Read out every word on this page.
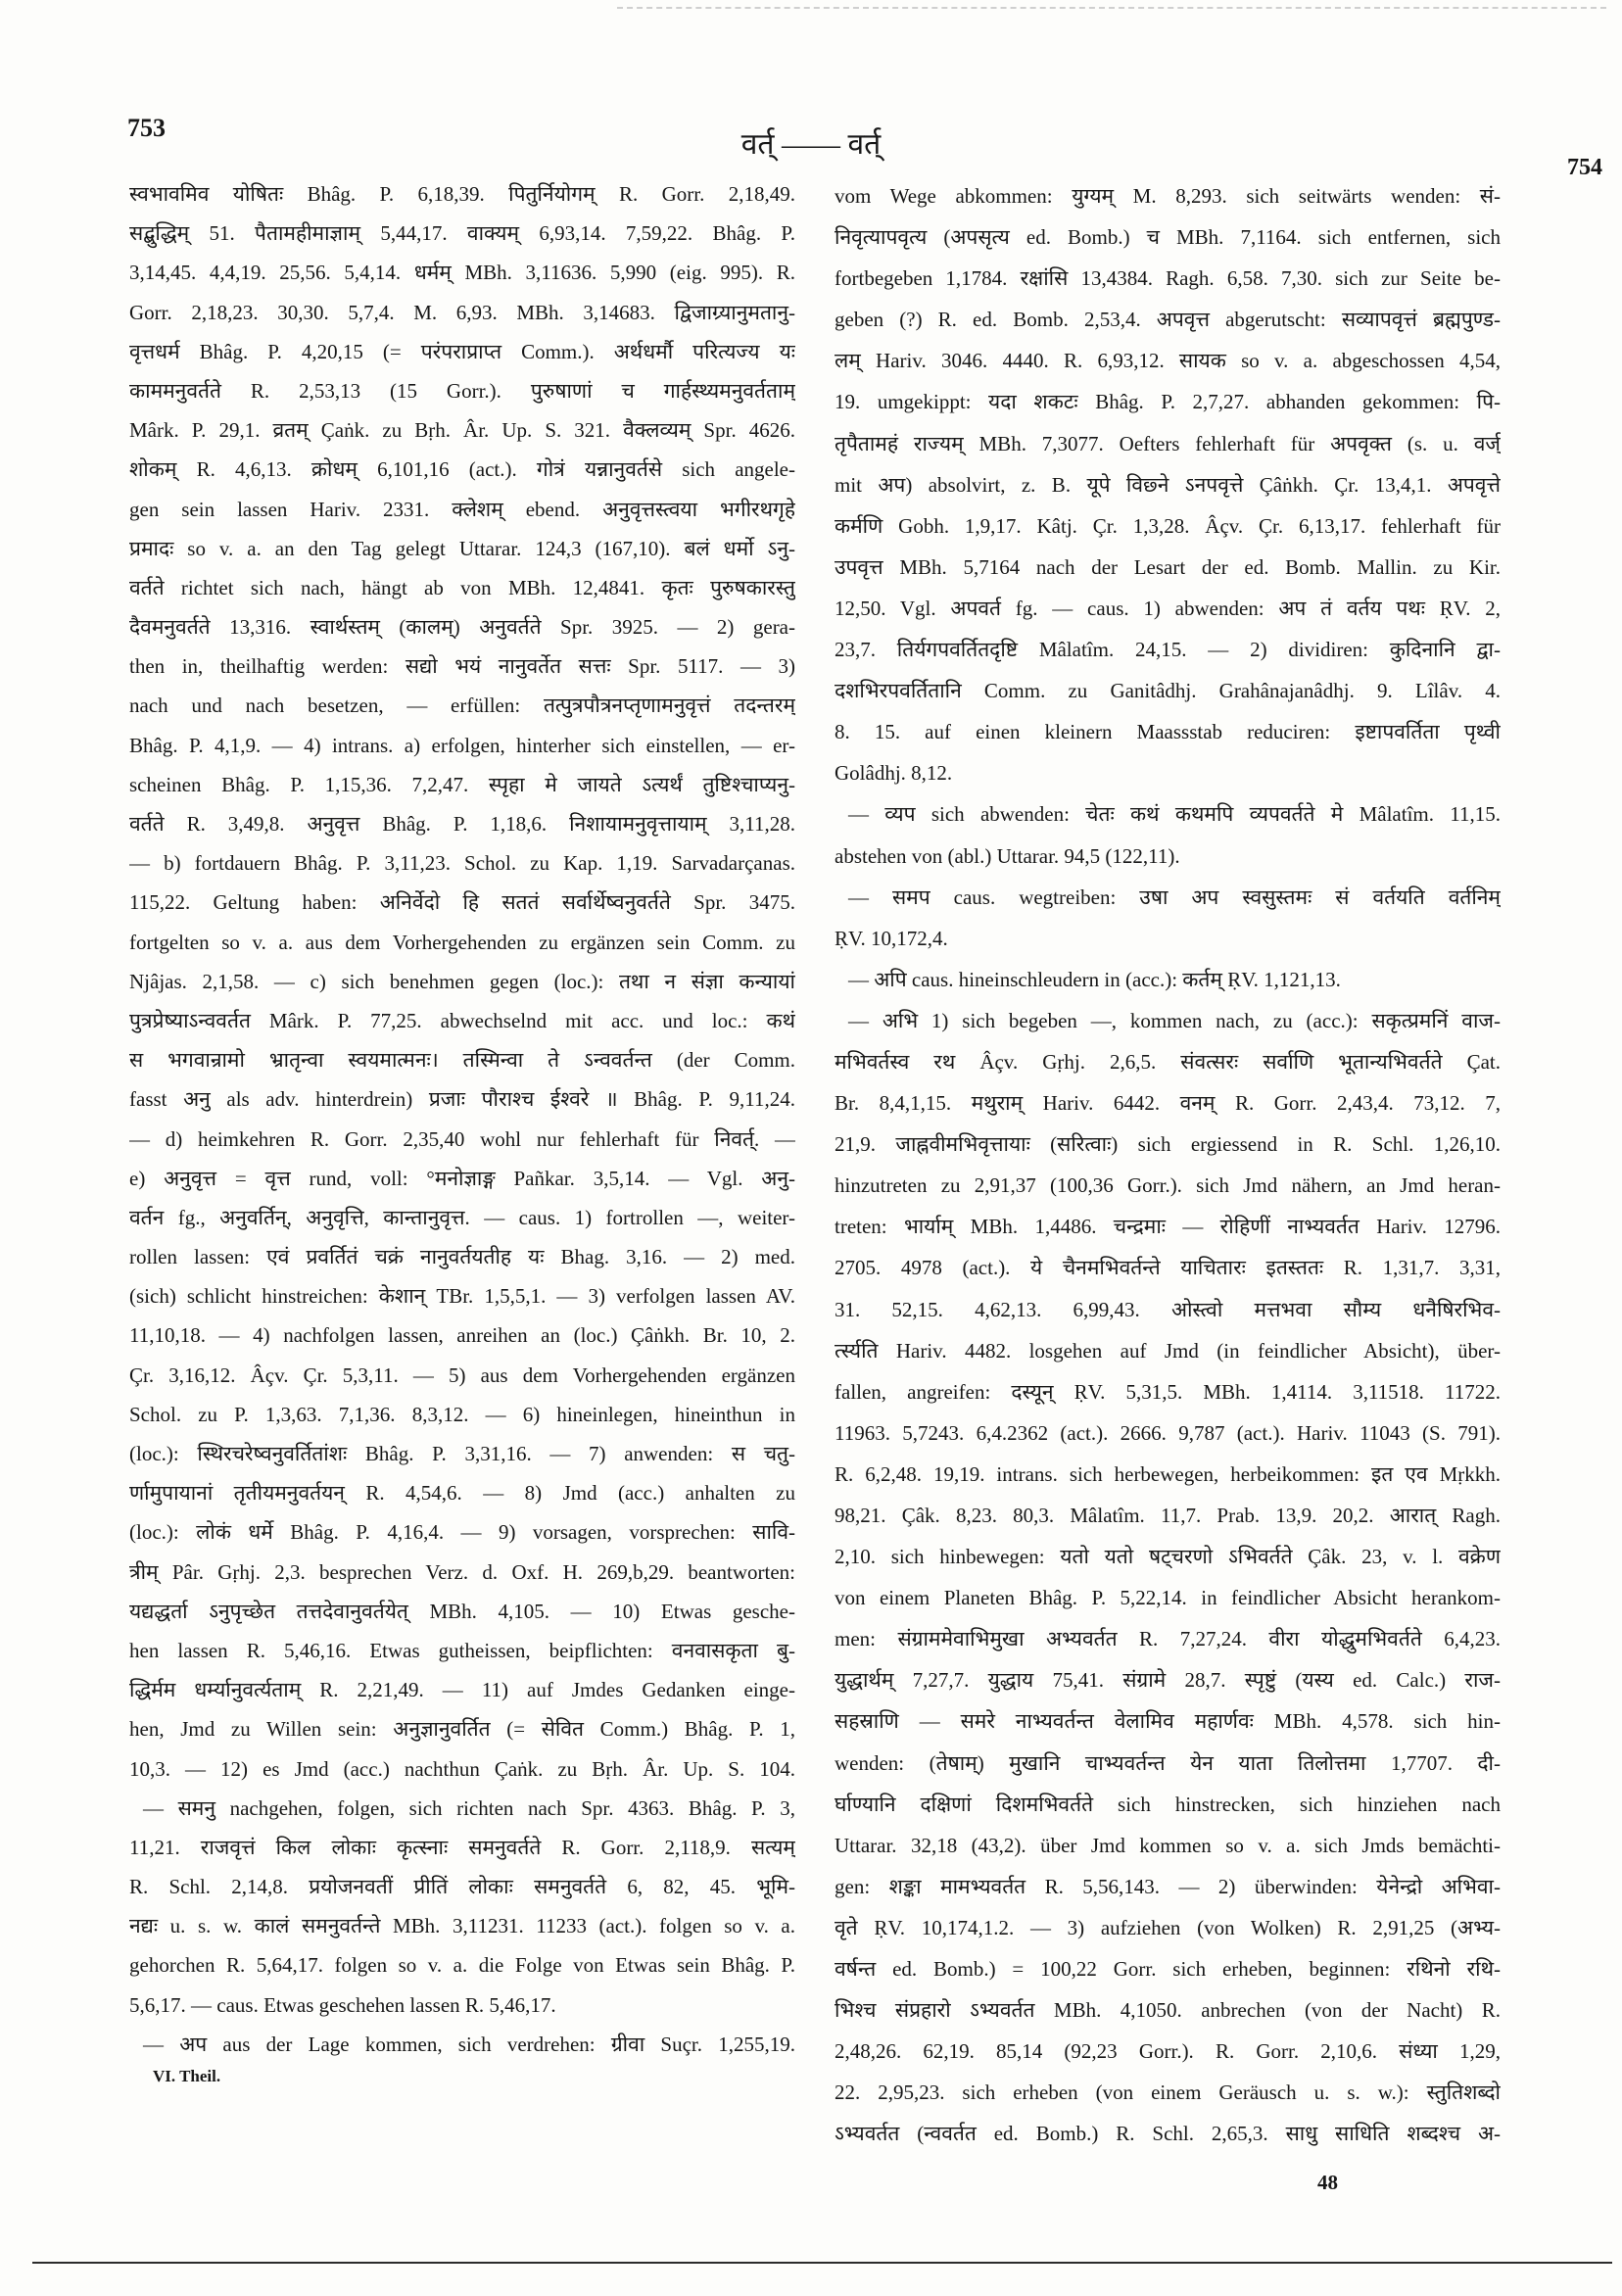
753
वर्त् —— वर्त्
754
स्वभावमिव योषितः Bhâg. P. 6,18,39. पितुर्नियोगम् R. Gorr. 2,18,49.
सद्बुद्धिम् 51. पैतामहीमाज्ञाम् 5,44,17. वाक्यम् 6,93,14. 7,59,22. Bhâg. P.
3,14,45. 4,4,19. 25,56. 5,4,14. धर्मम् MBh. 3,11636. 5,990 (eig. 995). R.
Gorr. 2,18,23. 30,30. 5,7,4. M. 6,93. MBh. 3,14683. द्विजाग्र्यानुमतानु-
वृत्तधर्म Bhâg. P. 4,20,15 (= परंपराप्राप्त Comm.). अर्थधर्मौ परित्यज्य यः
काममनुवर्तते R. 2,53,13 (15 Gorr.). पुरुषाणां च गार्हस्थ्यमनुवर्तताम्
Mârk. P. 29,1. व्रतम् Çaṅk. zu Bṛh. Âr. Up. S. 321. वैक्लव्यम् Spr. 4626.
शोकम् R. 4,6,13. क्रोधम् 6,101,16 (act.). गोत्रं यन्नानुवर्तसे sich angele-
gen sein lassen Hariv. 2331. क्लेशम् ebend. अनुवृत्तस्त्वया भगीरथगृहे
प्रमादः so v. a. an den Tag gelegt Uttarar. 124,3 (167,10). बलं धर्मो ऽनु-
वर्तते richtet sich nach, hängt ab von MBh. 12,4841. कृतः पुरुषकारस्तु
दैवमनुवर्तते 13,316. स्वार्थस्तम् (कालम्) अनुवर्तते Spr. 3925. — 2) gera-
then in, theilhaftig werden: सद्यो भयं नानुवर्तेत सत्तः Spr. 5117. — 3)
nach und nach besetzen, — erfüllen: तत्पुत्रपौत्रनप्तृणामनुवृत्तं तदन्तरम्
Bhâg. P. 4,1,9. — 4) intrans. a) erfolgen, hinterher sich einstellen, — er-
scheinen Bhâg. P. 1,15,36. 7,2,47. स्पृहा मे जायते ऽत्यर्थं तुष्टिश्चाप्यनु-
वर्तते R. 3,49,8. अनुवृत्त Bhâg. P. 1,18,6. निशायामनुवृत्तायाम् 3,11,28.
— b) fortdauern Bhâg. P. 3,11,23. Schol. zu Kap. 1,19. Sarvadarçanas.
115,22. Geltung haben: अनिर्वेदो हि सततं सर्वार्थेष्वनुवर्तते Spr. 3475.
fortgelten so v. a. aus dem Vorhergehenden zu ergänzen sein Comm. zu
Njâjas. 2,1,58. — c) sich benehmen gegen (loc.): तथा न संज्ञा कन्यायां
पुत्रप्रेष्याऽन्ववर्तत Mârk. P. 77,25. abwechselnd mit acc. und loc.: कथं
स भगवान्रामो भ्रातृन्वा स्वयमात्मनः। तस्मिन्वा ते ऽन्ववर्तन्त (der Comm.
fasst अनु als adv. hinterdrein) प्रजाः पौराश्च ईश्वरे ॥ Bhâg. P. 9,11,24.
— d) heimkehren R. Gorr. 2,35,40 wohl nur fehlerhaft für निवर्त्. —
e) अनुवृत्त = वृत्त rund, voll: °मनोज्ञाङ्ग Pañkar. 3,5,14. — Vgl. अनु-
वर्तन fg., अनुवर्तिन्, अनुवृत्ति, कान्तानुवृत्त. — caus. 1) fortrollen —, weiter-
rollen lassen: एवं प्रवर्तितं चक्रं नानुवर्तयतीह यः Bhag. 3,16. — 2) med.
(sich) schlicht hinstreichen: केशान् TBr. 1,5,5,1. — 3) verfolgen lassen AV.
11,10,18. — 4) nachfolgen lassen, anreihen an (loc.) Çâṅkh. Br. 10, 2.
Çr. 3,16,12. Âçv. Çr. 5,3,11. — 5) aus dem Vorhergehenden ergänzen
Schol. zu P. 1,3,63. 7,1,36. 8,3,12. — 6) hineinlegen, hineinthun in
(loc.): स्थिरचरेष्वनुवर्तितांशः Bhâg. P. 3,31,16. — 7) anwenden: स चतु-
र्णामुपायानां तृतीयमनुवर्तयन् R. 4,54,6. — 8) Jmd (acc.) anhalten zu
(loc.): लोकं धर्मे Bhâg. P. 4,16,4. — 9) vorsagen, vorsprechen: सावि-
त्रीम् Pâr. Gṛhj. 2,3. besprechen Verz. d. Oxf. H. 269,b,29. beantworten:
यद्यद्धर्ता ऽनुपृच्छेत तत्तदेवानुवर्तयेत् MBh. 4,105. — 10) Etwas gesche-
hen lassen R. 5,46,16. Etwas gutheissen, beipflichten: वनवासकृता बु-
द्धिर्मम धर्म्यानुवर्त्यताम् R. 2,21,49. — 11) auf Jmdes Gedanken einge-
hen, Jmd zu Willen sein: अनुज्ञानुवर्तित (= सेवित Comm.) Bhâg. P. 1,
10,3. — 12) es Jmd (acc.) nachthun Çaṅk. zu Bṛh. Âr. Up. S. 104.
— समनु nachgehen, folgen, sich richten nach Spr. 4363. Bhâg. P. 3,
11,21. राजवृत्तं किल लोकाः कृत्स्नाः समनुवर्तते R. Gorr. 2,118,9. सत्यम्
R. Schl. 2,14,8. प्रयोजनवतीं प्रीतिं लोकाः समनुवर्तते 6, 82, 45. भूमि-
नद्यः u. s. w. कालं समनुवर्तन्ते MBh. 3,11231. 11233 (act.). folgen so v. a.
gehorchen R. 5,64,17. folgen so v. a. die Folge von Etwas sein Bhâg. P.
5,6,17. — caus. Etwas geschehen lassen R. 5,46,17.
— अप aus der Lage kommen, sich verdrehen: ग्रीवा Suçr. 1,255,19.
vom Wege abkommen: युग्यम् M. 8,293. sich seitwärts wenden: सं-
निवृत्यापवृत्य (अपसृत्य ed. Bomb.) च MBh. 7,1164. sich entfernen, sich
fortbegeben 1,1784. रक्षांसि 13,4384. Ragh. 6,58. 7,30. sich zur Seite be-
geben (?) R. ed. Bomb. 2,53,4. अपवृत्त abgerutscht: सव्यापवृत्तं ब्रह्मपुण्ड-
लम् Hariv. 3046. 4440. R. 6,93,12. सायक so v. a. abgeschossen 4,54,
19. umgekippt: यदा शकटः Bhâg. P. 2,7,27. abhanden gekommen: पि-
तृपैतामहं राज्यम् MBh. 7,3077. Oefters fehlerhaft für अपवृक्त (s. u. वर्ज्
mit अप) absolvirt, z. B. यूपे विछ्ने ऽनपवृत्ते Çâṅkh. Çr. 13,4,1. अपवृत्ते
कर्मणि Gobh. 1,9,17. Kâtj. Çr. 1,3,28. Âçv. Çr. 6,13,17. fehlerhaft für
उपवृत्त MBh. 5,7164 nach der Lesart der ed. Bomb. Mallin. zu Kir.
12,50. Vgl. अपवर्त fg. — caus. 1) abwenden: अप तं वर्तय पथः ṚV. 2,
23,7. तिर्यगपवर्तितदृष्टि Mâlatîm. 24,15. — 2) dividiren: कुदिनानि द्वा-
दशभिरपवर्तितानि Comm. zu Ganitâdhj. Grahânajanâdhj. 9. Lîlâv. 4.
8. 15. auf einen kleinern Maassstab reduciren: इष्टापवर्तिता पृथ्वी
Golâdhj. 8,12.
— व्यप sich abwenden: चेतः कथं कथमपि व्यपवर्तते मे Mâlatîm. 11,15.
abstehen von (abl.) Uttarar. 94,5 (122,11).
— समप caus. wegtreiben: उषा अप स्वसुस्तमः सं वर्तयति वर्तनिम्
ṚV. 10,172,4.
— अपि caus. hineinschleudern in (acc.): कर्तम् ṚV. 1,121,13.
— अभि 1) sich begeben —, kommen nach, zu (acc.): सकृत्प्रमनिं वाज-
मभिवर्तस्व रथ Âçv. Gṛhj. 2,6,5. संवत्सरः सर्वाणि भूतान्यभिवर्तते Çat.
Br. 8,4,1,15. मथुराम् Hariv. 6442. वनम् R. Gorr. 2,43,4. 73,12. 7,
21,9. जाह्नवीमभिवृत्तायाः (सरित्वाः) sich ergiessend in R. Schl. 1,26,10.
hinzutreten zu 2,91,37 (100,36 Gorr.). sich Jmd nähern, an Jmd heran-
treten: भार्याम् MBh. 1,4486. चन्द्रमाः — रोहिणीं नाभ्यवर्तत Hariv. 12796.
2705. 4978 (act.). ये चैनमभिवर्तन्ते याचितारः इतस्ततः R. 1,31,7. 3,31,
31. 52,15. 4,62,13. 6,99,43. ओस्त्वो मत्तभवा सौम्य धनैषिरभिव-
र्त्स्यति Hariv. 4482. losgehen auf Jmd (in feindlicher Absicht), über-
fallen, angreifen: दस्यून् ṚV. 5,31,5. MBh. 1,4114. 3,11518. 11722.
11963. 5,7243. 6,4.2362 (act.). 2666. 9,787 (act.). Hariv. 11043 (S. 791).
R. 6,2,48. 19,19. intrans. sich herbewegen, herbeikommen: इत एव Mṛkkh.
98,21. Çâk. 8,23. 80,3. Mâlatîm. 11,7. Prab. 13,9. 20,2. आरात् Ragh.
2,10. sich hinbewegen: यतो यतो षट्चरणो ऽभिवर्तते Çâk. 23, v. l. वक्रेण
von einem Planeten Bhâg. P. 5,22,14. in feindlicher Absicht herankom-
men: संग्राममेवाभिमुखा अभ्यवर्तत R. 7,27,24. वीरा योद्धुमभिवर्तते 6,4,23.
युद्धार्थम् 7,27,7. युद्धाय 75,41. संग्रामे 28,7. स्पृष्टुं (यस्य ed. Calc.) राज-
सहस्राणि — समरे नाभ्यवर्तन्त वेलामिव महार्णवः MBh. 4,578. sich hin-
wenden: (तेषाम्) मुखानि चाभ्यवर्तन्त येन याता तिलोत्तमा 1,7707. दी-
र्घाण्यानि दक्षिणां दिशमभिवर्तते sich hinstrecken, sich hinziehen nach
Uttarar. 32,18 (43,2). über Jmd kommen so v. a. sich Jmds bemächti-
gen: शङ्का मामभ्यवर्तत R. 5,56,143. — 2) überwinden: येनेन्द्रो अभिवा-
वृते ṚV. 10,174,1.2. — 3) aufziehen (von Wolken) R. 2,91,25 (अभ्य-
वर्षन्त ed. Bomb.) = 100,22 Gorr. sich erheben, beginnen: रथिनो रथि-
भिश्च संप्रहारो ऽभ्यवर्तत MBh. 4,1050. anbrechen (von der Nacht) R.
2,48,26. 62,19. 85,14 (92,23 Gorr.). R. Gorr. 2,10,6. संध्या 1,29,
22. 2,95,23. sich erheben (von einem Geräusch u. s. w.): स्तुतिशब्दो
ऽभ्यवर्तत (न्ववर्तत ed. Bomb.) R. Schl. 2,65,3. साधु साधिति शब्दश्च अ-
VI. Theil.
48
